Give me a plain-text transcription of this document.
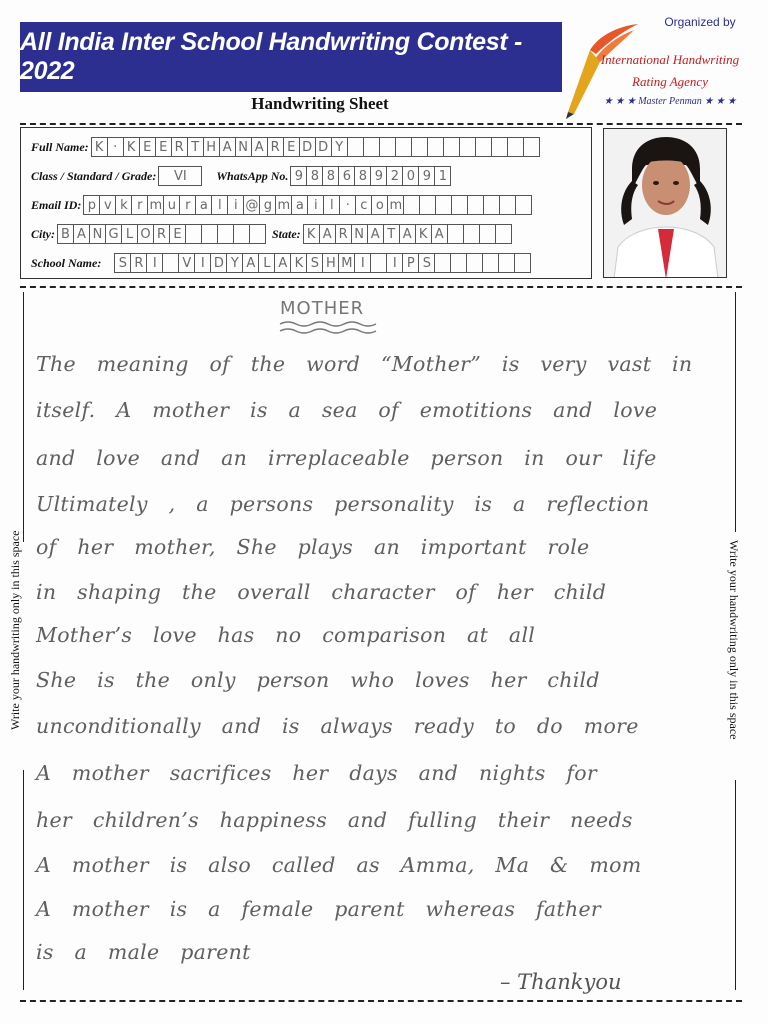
All India Inter School Handwriting Contest - 2022
Handwriting Sheet
Organized by
International Handwriting
Rating Agency
★ ★ ★ Master Penman ★ ★ ★
Full Name: K · K E E R T H A N A R E D D Y
Class / Standard / Grade:	VI	WhatsApp No. 9 8 8 6 8 9 2 0 9 1
Email ID: p v k r m u r a l i @ g m a i l · c o m
City: B A N G L O R E	State: K A R N A T A K A
School Name:	S R I	V I D Y A L A K S H M I	I P S
Write your handwriting only in this space	Write your handwriting only in this space
MOTHER
The meaning of the word “Mother” is very vast in
itself. A mother is a sea of emotitions and love
and love and an irreplaceable person in our life
Ultimately , a persons personality is a reflection
of her mother, She plays an important role
in shaping the overall character of her child
Mother’s love has no comparison at all
She is the only person who loves her child
unconditionally and is always ready to do more
A mother sacrifices her days and nights for
her children’s happiness and fulling their needs
A mother is also called as Amma, Ma & mom
A mother is a female parent whereas father
is a male parent
– Thankyou
